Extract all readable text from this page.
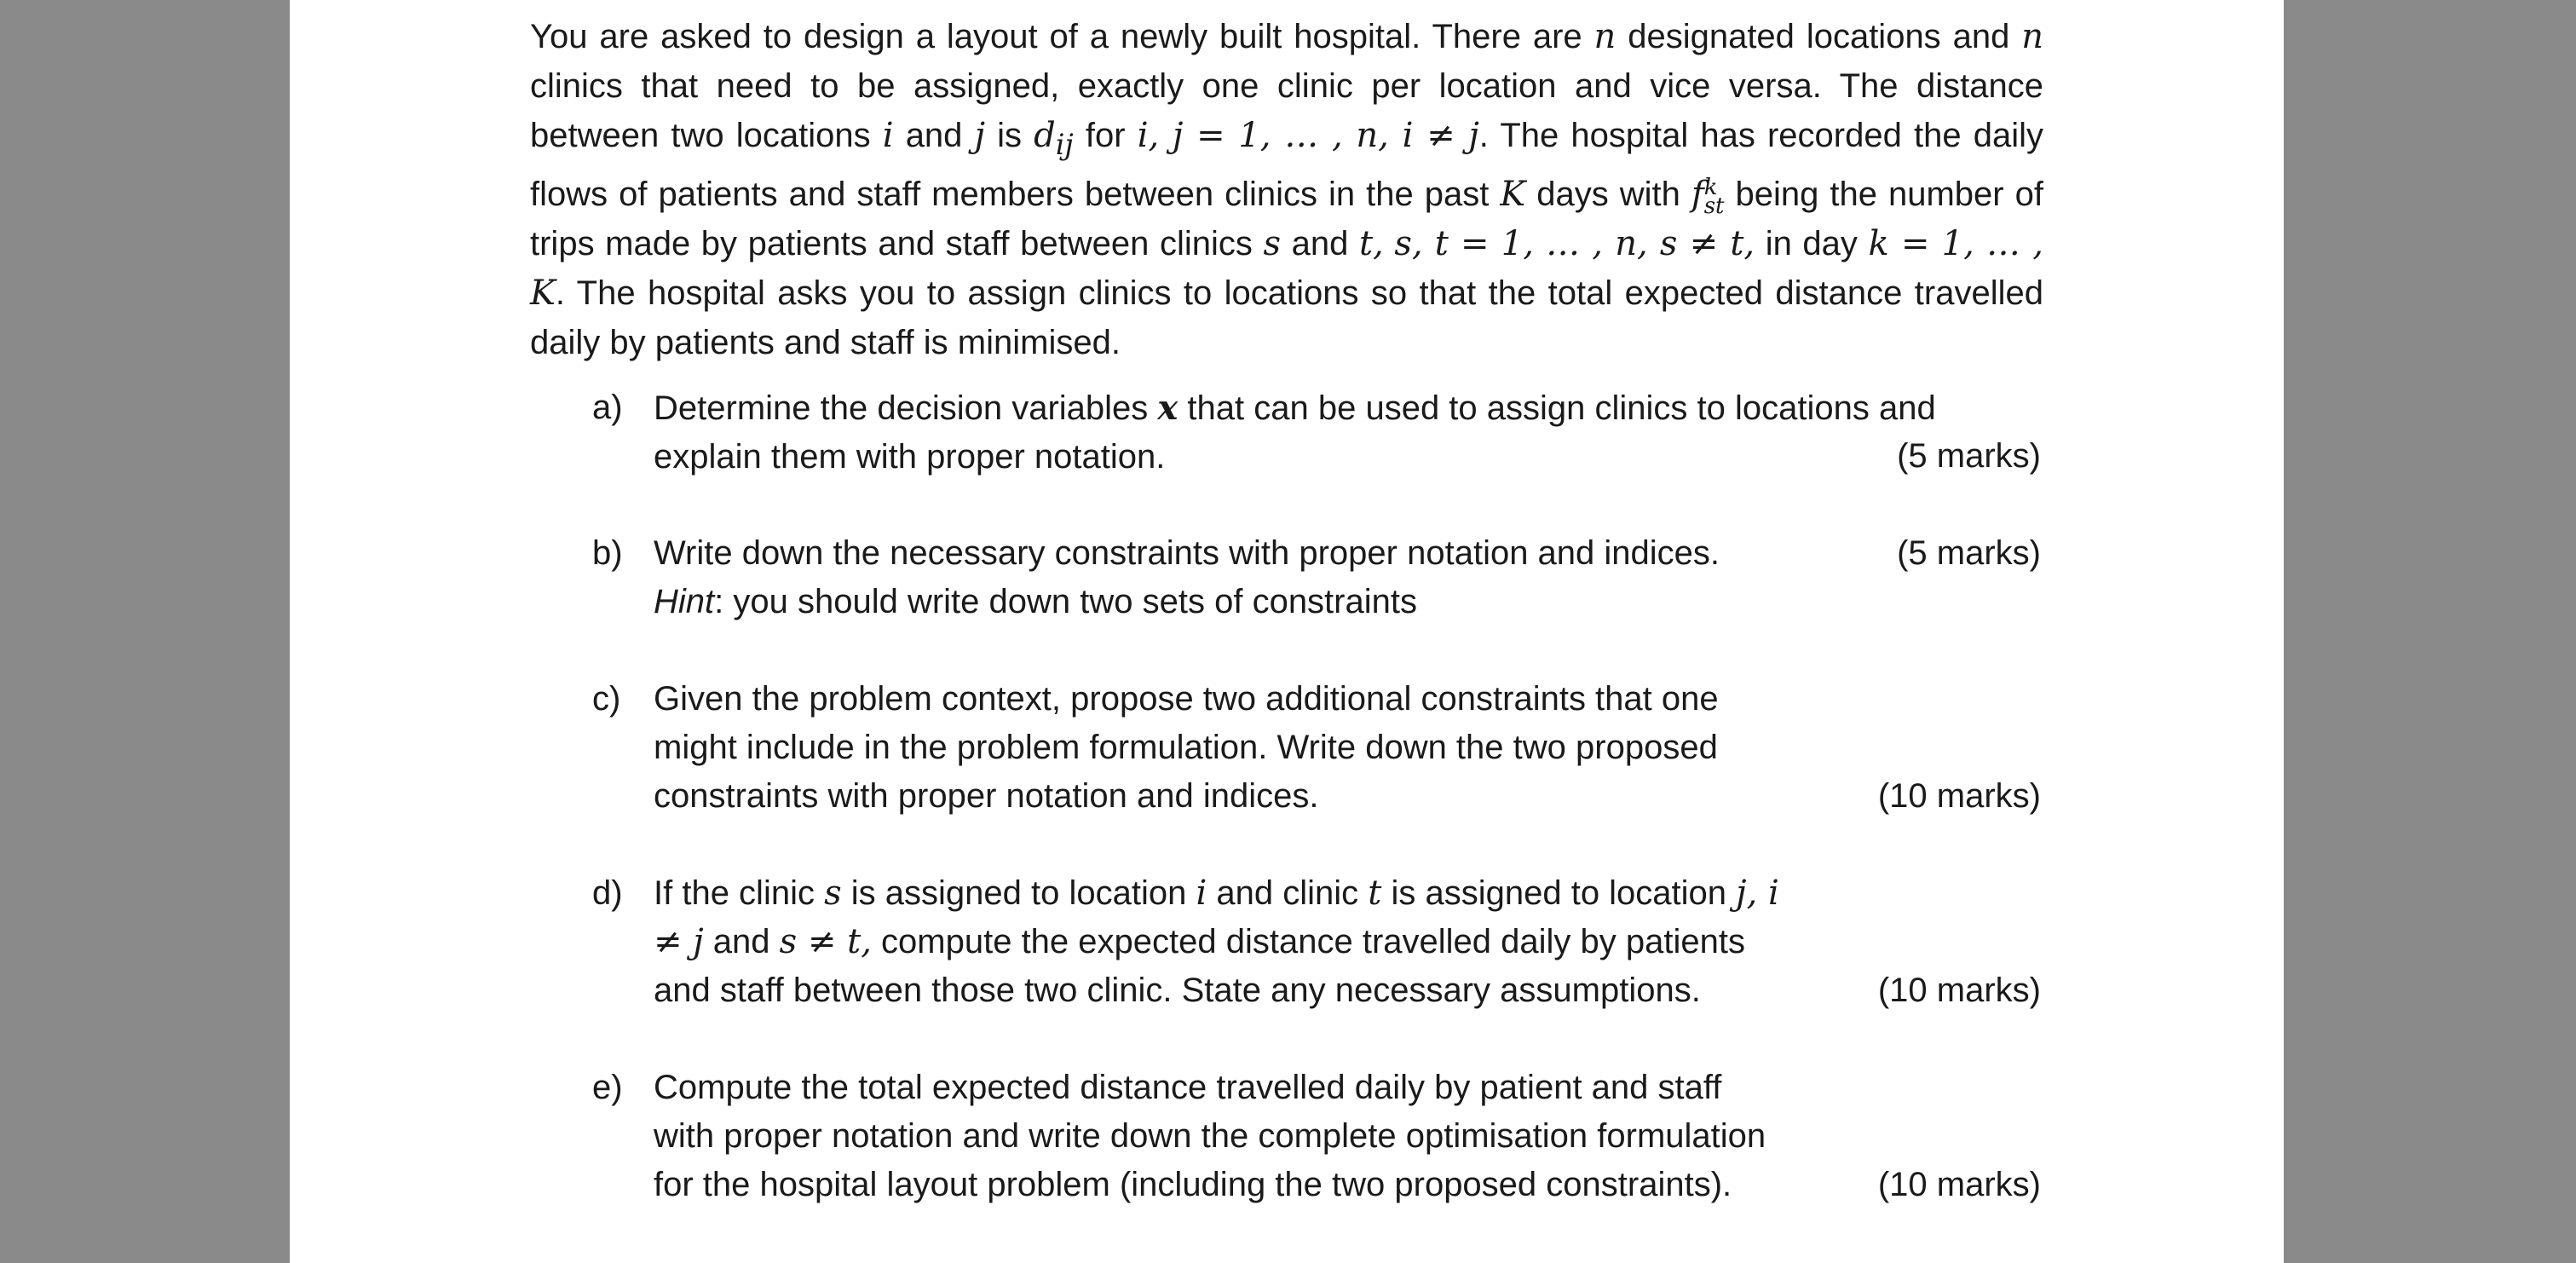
You are asked to design a layout of a newly built hospital. There are n designated locations and n clinics that need to be assigned, exactly one clinic per location and vice versa. The distance between two locations i and j is $d_{ij}$ for i, j = 1, … , n, i ≠ j. The hospital has recorded the daily flows of patients and staff members between clinics in the past K days with f k
st being the number of trips made by patients and staff between clinics s and t, s, t = 1, … , n, s ≠ t, in day k = 1, … , K. The hospital asks you to assign clinics to locations so that the total expected distance travelled daily by patients and staff is minimised.

a) Determine the decision variables x that can be used to assign clinics to locations and explain them with proper notation.	(5 marks)
b) Write down the necessary constraints with proper notation and indices.
Hint: you should write down two sets of constraints
(5 marks)
c) Given the problem context, propose two additional constraints that one might include in the problem formulation. Write down the two proposed constraints with proper notation and indices.	(10 marks)
d) If the clinic s is assigned to location i and clinic t is assigned to location j, i ≠ j and s ≠ t, compute the expected distance travelled daily by patients and staff between those two clinic. State any necessary assumptions.	(10 marks)
e) Compute the total expected distance travelled daily by patient and staff with proper notation and write down the complete optimisation formulation for the hospital layout problem (including the two proposed constraints).	(10 marks)
